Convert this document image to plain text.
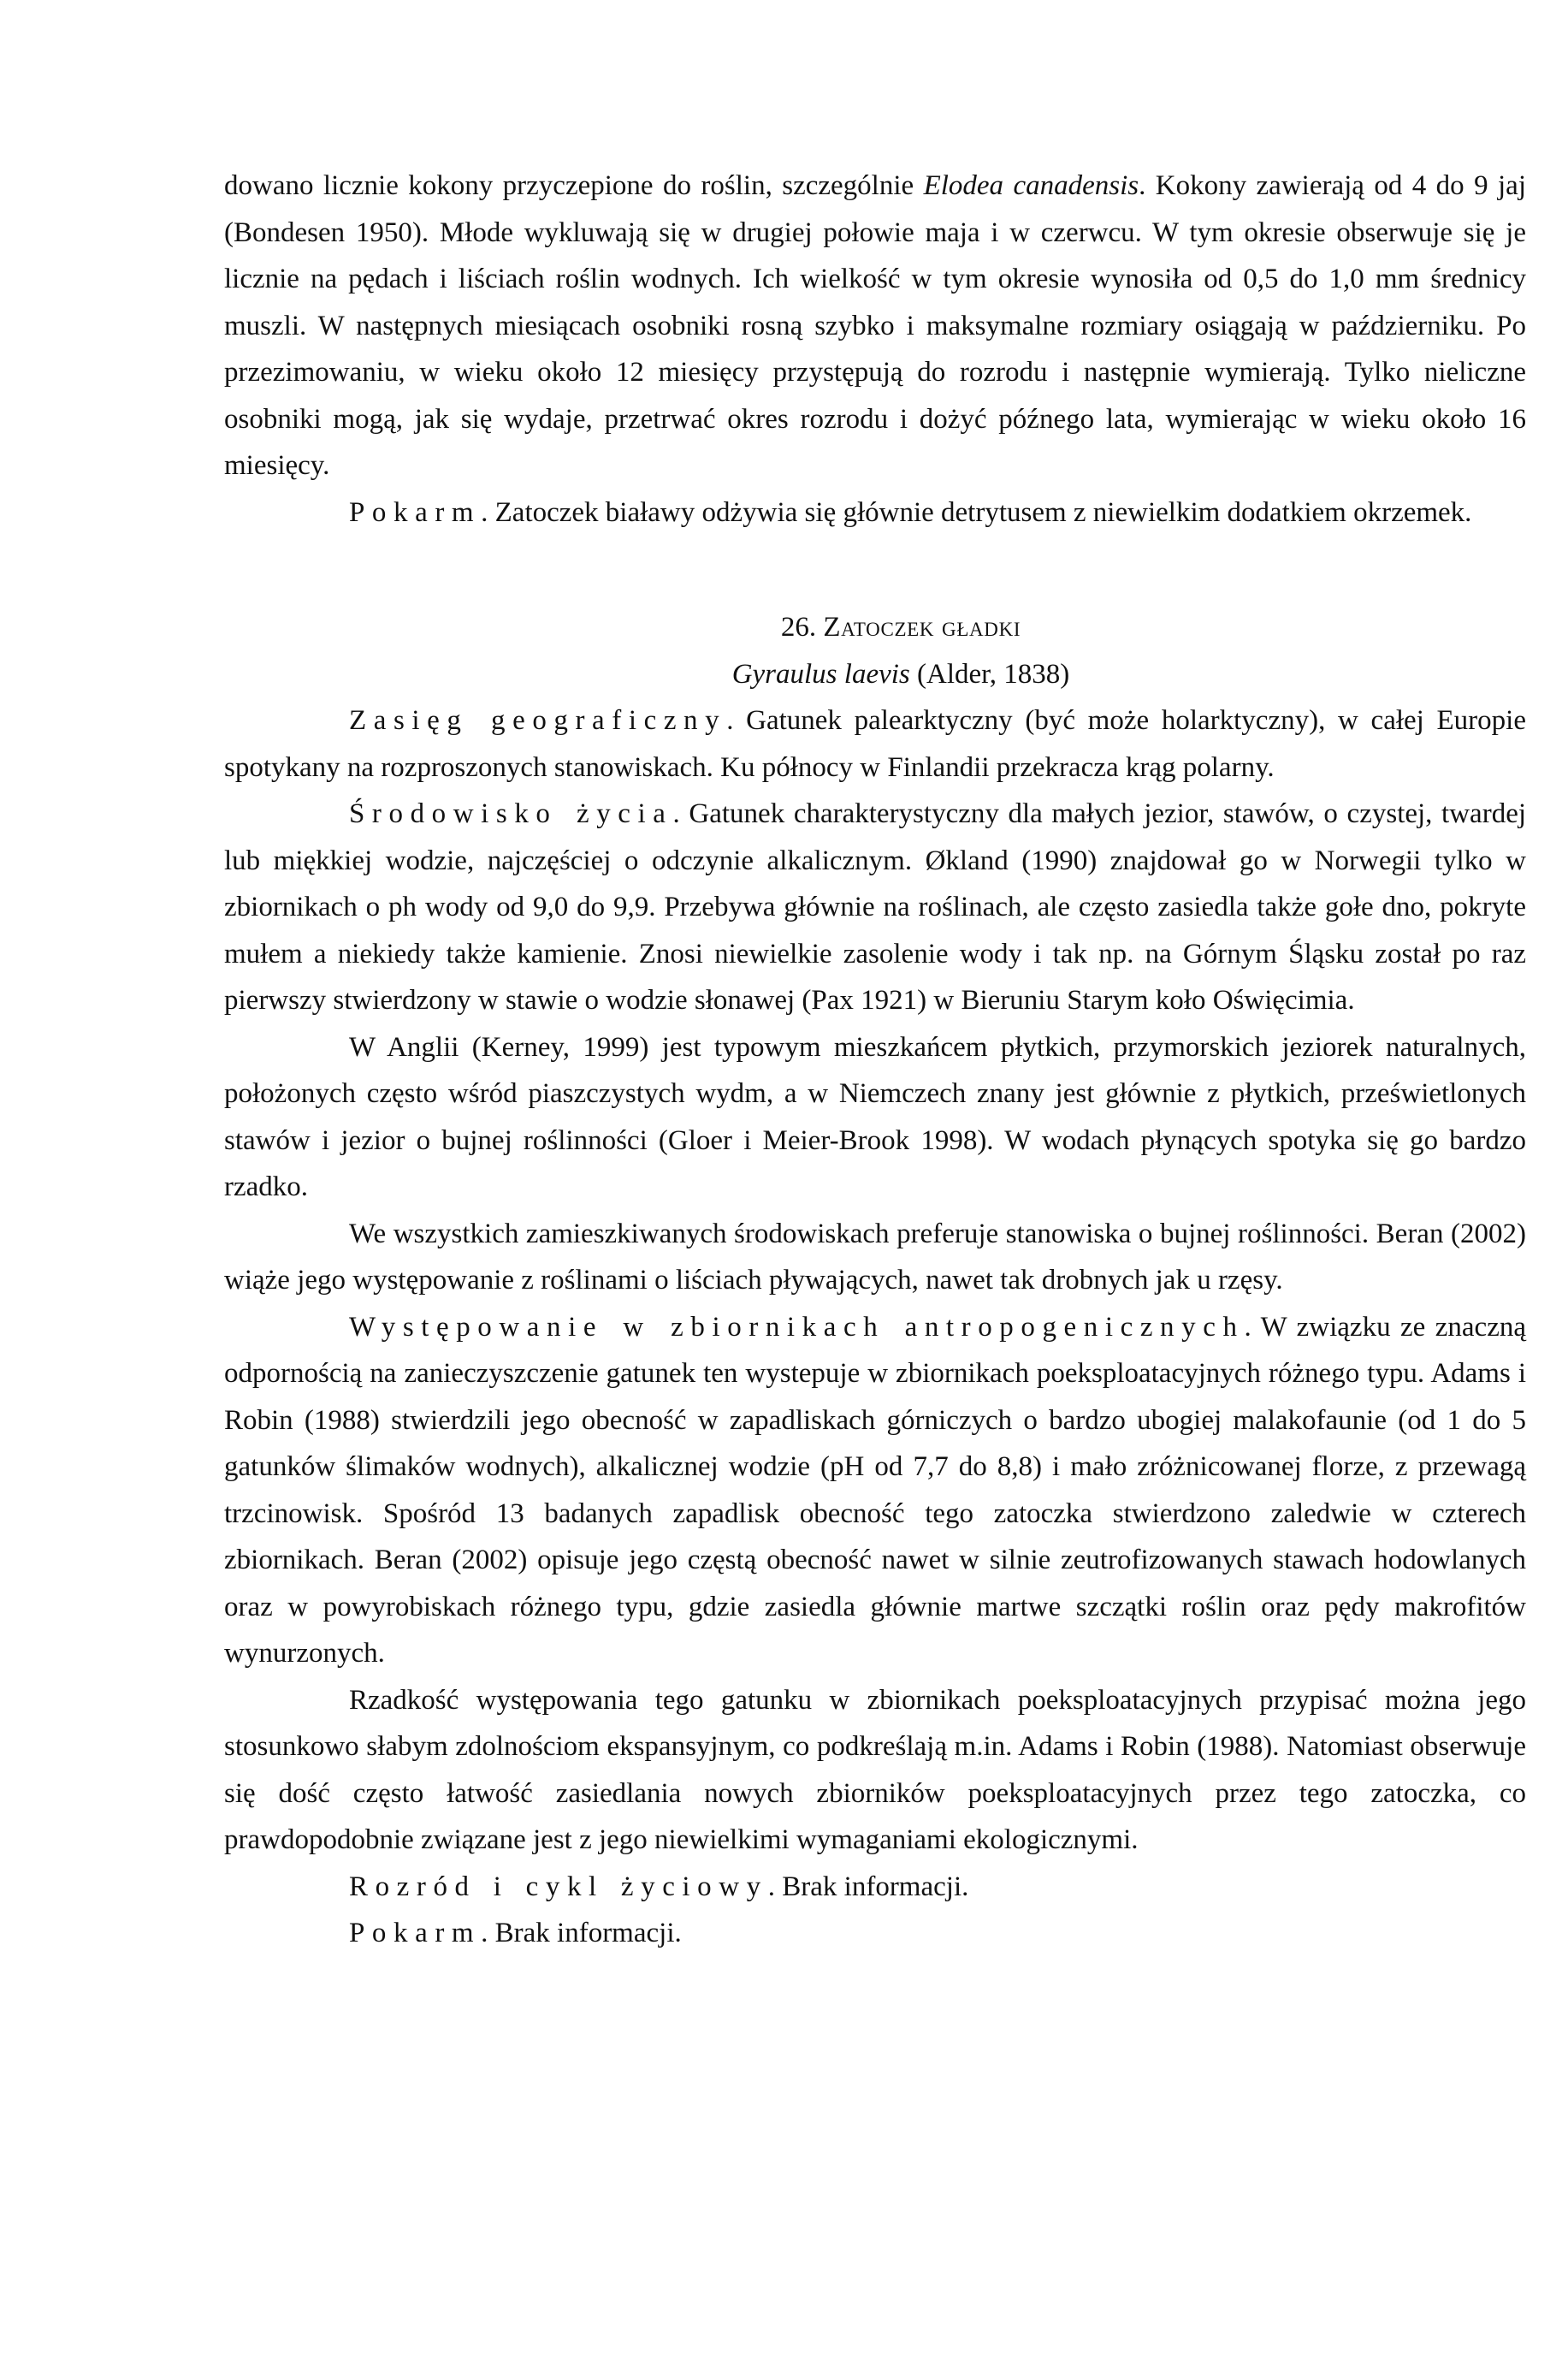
dowano licznie kokony przyczepione do roślin, szczególnie Elodea canadensis. Kokony zawierają od 4 do 9 jaj (Bondesen 1950). Młode wykluwają się w drugiej połowie maja i w czerwcu. W tym okresie obserwuje się je licznie na pędach i liściach roślin wodnych. Ich wielkość w tym okresie wynosiła od 0,5 do 1,0 mm średnicy muszli. W następnych miesiącach osobniki rosną szybko i maksymalne rozmiary osiągają w październiku. Po przezimowaniu, w wieku około 12 miesięcy przystępują do rozrodu i następnie wymierają. Tylko nieliczne osobniki mogą, jak się wydaje, przetrwać okres rozrodu i dożyć późnego lata, wymierając w wieku około 16 miesięcy.

Pokarm. Zatoczek białawy odżywia się głównie detrytusem z niewielkim dodatkiem okrzemek.

26. Zatoczek gładki

Gyraulus laevis (Alder, 1838)

Zasięg geograficzny. Gatunek palearktyczny (być może holarktyczny), w całej Europie spotykany na rozproszonych stanowiskach. Ku północy w Finlandii przekracza krąg polarny.

Środowisko życia. Gatunek charakterystyczny dla małych jezior, stawów, o czystej, twardej lub miękkiej wodzie, najczęściej o odczynie alkalicznym. Økland (1990) znajdował go w Norwegii tylko w zbiornikach o ph wody od 9,0 do 9,9. Przebywa głównie na roślinach, ale często zasiedla także gołe dno, pokryte mułem a niekiedy także kamienie. Znosi niewielkie zasolenie wody i tak np. na Górnym Śląsku został po raz pierwszy stwierdzony w stawie o wodzie słonawej (Pax 1921) w Bieruniu Starym koło Oświęcimia.

W Anglii (Kerney, 1999) jest typowym mieszkańcem płytkich, przymorskich jeziorek naturalnych, położonych często wśród piaszczystych wydm, a w Niemczech znany jest głównie z płytkich, prześwietlonych stawów i jezior o bujnej roślinności (Gloer i Meier-Brook 1998). W wodach płynących spotyka się go bardzo rzadko.

We wszystkich zamieszkiwanych środowiskach preferuje stanowiska o bujnej roślinności. Beran (2002) wiąże jego występowanie z roślinami o liściach pływających, nawet tak drobnych jak u rzęsy.

Występowanie w zbiornikach antropogenicznych. W związku ze znaczną odpornością na zanieczyszczenie gatunek ten wystepuje w zbiornikach poeksploatacyjnych różnego typu. Adams i Robin (1988) stwierdzili jego obecność w zapadliskach górniczych o bardzo ubogiej malakofaunie (od 1 do 5 gatunków ślimaków wodnych), alkalicznej wodzie (pH od 7,7 do 8,8) i mało zróżnicowanej florze, z przewagą trzcinowisk. Spośród 13 badanych zapadlisk obecność tego zatoczka stwierdzono zaledwie w czterech zbiornikach. Beran (2002) opisuje jego częstą obecność nawet w silnie zeutrofizowanych stawach hodowlanych oraz w powyrobiskach różnego typu, gdzie zasiedla głównie martwe szczątki roślin oraz pędy makrofitów wynurzonych.

Rzadkość występowania tego gatunku w zbiornikach poeksploatacyjnych przypisać można jego stosunkowo słabym zdolnościom ekspansyjnym, co podkreślają m.in. Adams i Robin (1988). Natomiast obserwuje się dość często łatwość zasiedlania nowych zbiorników poeksploatacyjnych przez tego zatoczka, co prawdopodobnie związane jest z jego niewielkimi wymaganiami ekologicznymi.

Rozród i cykl życiowy. Brak informacji.

Pokarm. Brak informacji.
